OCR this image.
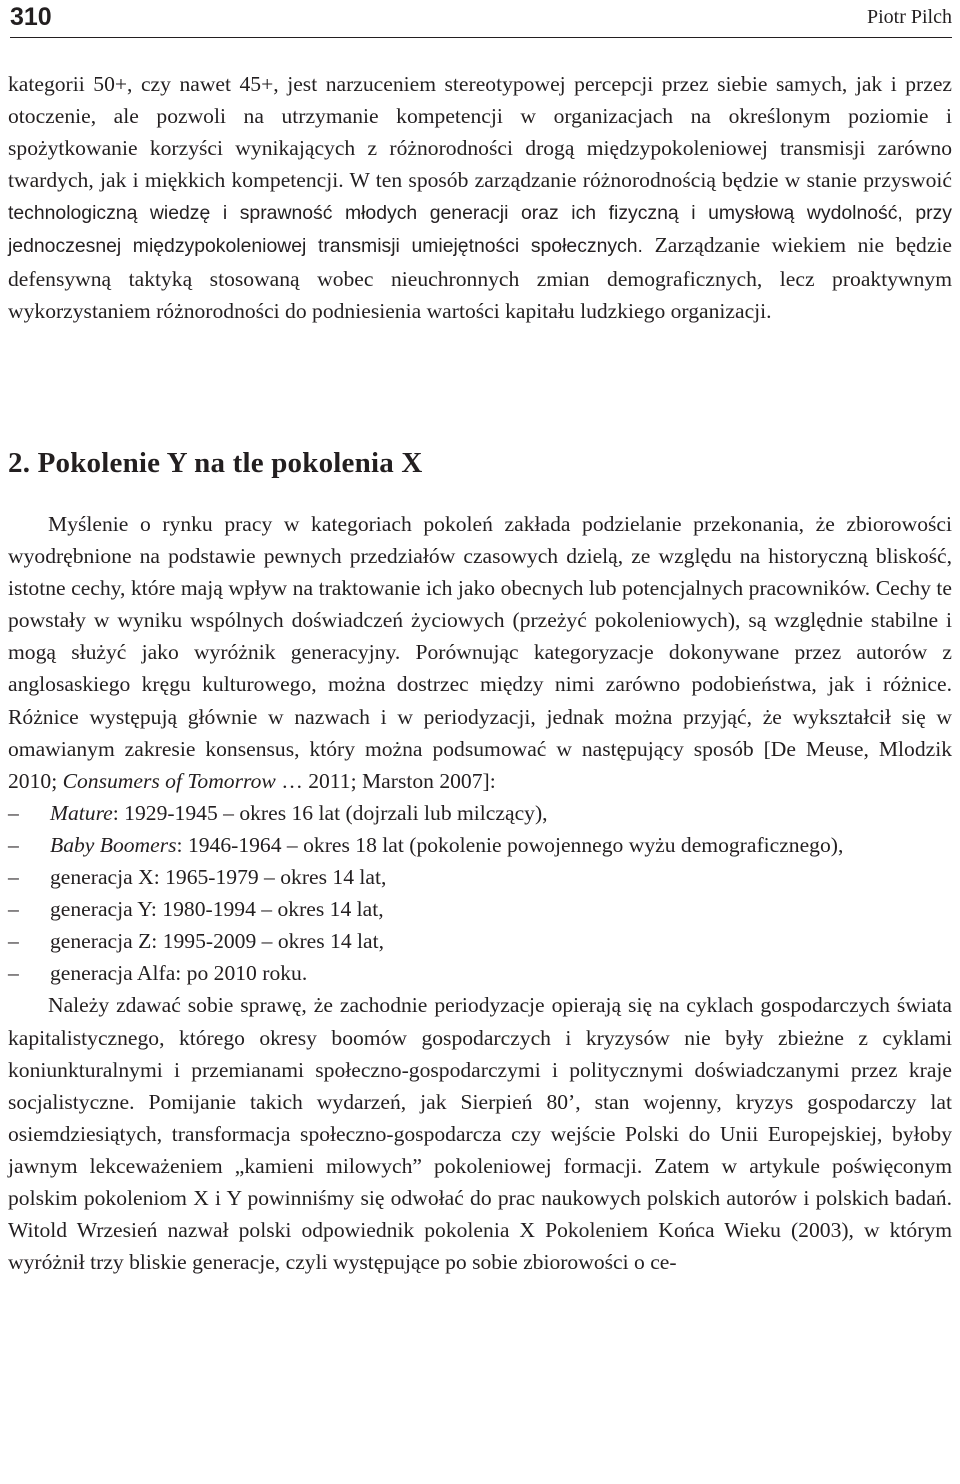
310	Piotr Pilch
kategorii 50+, czy nawet 45+, jest narzuceniem stereotypowej percepcji przez siebie samych, jak i przez otoczenie, ale pozwoli na utrzymanie kompetencji w organizacjach na określonym poziomie i spożytkowanie korzyści wynikających z różnorodności drogą międzypokoleniowej transmisji zarówno twardych, jak i miękkich kompetencji. W ten sposób zarządzanie różnorodnością będzie w stanie przyswoić technologiczną wiedzę i sprawność młodych generacji oraz ich fizyczną i umysłową wydolność, przy jednoczesnej międzypokoleniowej transmisji umiejętności społecznych. Zarządzanie wiekiem nie będzie defensywną taktyką stosowaną wobec nieuchronnych zmian demograficznych, lecz proaktywnym wykorzystaniem różnorodności do podniesienia wartości kapitału ludzkiego organizacji.
2. Pokolenie Y na tle pokolenia X

Myślenie o rynku pracy w kategoriach pokoleń zakłada podzielanie przekonania, że zbiorowości wyodrębnione na podstawie pewnych przedziałów czasowych dzielą, ze względu na historyczną bliskość, istotne cechy, które mają wpływ na traktowanie ich jako obecnych lub potencjalnych pracowników. Cechy te powstały w wyniku wspólnych doświadczeń życiowych (przeżyć pokoleniowych), są względnie stabilne i mogą służyć jako wyróżnik generacyjny. Porównując kategoryzacje dokonywane przez autorów z anglosaskiego kręgu kulturowego, można dostrzec między nimi zarówno podobieństwa, jak i różnice. Różnice występują głównie w nazwach i w periodyzacji, jednak można przyjąć, że wykształcił się w omawianym zakresie konsensus, który można podsumować w następujący sposób [De Meuse, Mlodzik 2010; Consumers of Tomorrow … 2011; Marston 2007]:

– Mature: 1929-1945 – okres 16 lat (dojrzali lub milczący),
– Baby Boomers: 1946-1964 – okres 18 lat (pokolenie powojennego wyżu demograficznego),
– generacja X: 1965-1979 – okres 14 lat,
– generacja Y: 1980-1994 – okres 14 lat,
– generacja Z: 1995-2009 – okres 14 lat,
– generacja Alfa: po 2010 roku.

Należy zdawać sobie sprawę, że zachodnie periodyzacje opierają się na cyklach gospodarczych świata kapitalistycznego, którego okresy boomów gospodarczych i kryzysów nie były zbieżne z cyklami koniunkturalnymi i przemianami społeczno-gospodarczymi i politycznymi doświadczanymi przez kraje socjalistyczne. Pomijanie takich wydarzeń, jak Sierpień 80’, stan wojenny, kryzys gospodarczy lat osiemdziesiątych, transformacja społeczno-gospodarcza czy wejście Polski do Unii Europejskiej, byłoby jawnym lekceważeniem „kamieni milowych” pokoleniowej formacji. Zatem w artykule poświęconym polskim pokoleniom X i Y powinniśmy się odwołać do prac naukowych polskich autorów i polskich badań. Witold Wrzesień nazwał polski odpowiednik pokolenia X Pokoleniem Końca Wieku (2003), w którym wyróżnił trzy bliskie generacje, czyli występujące po sobie zbiorowości o ce-
